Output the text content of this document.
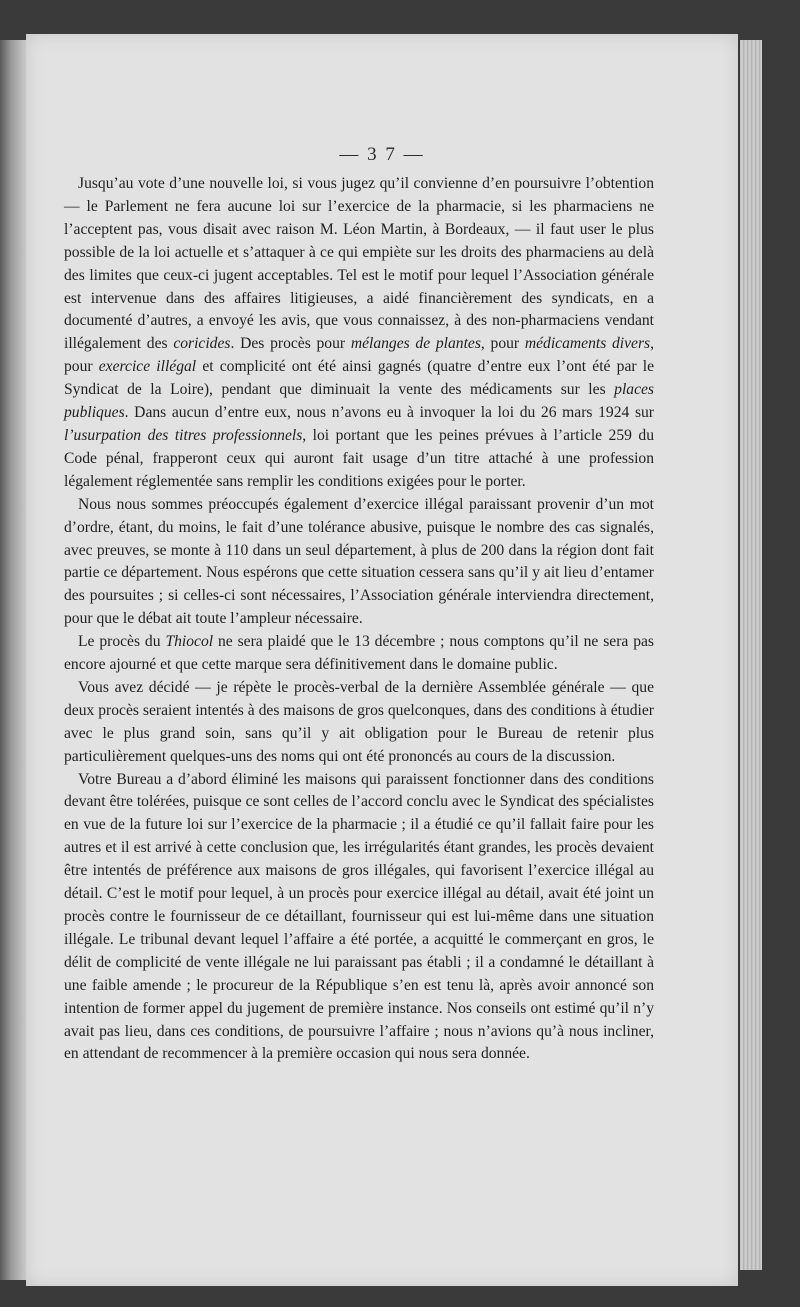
— 3 7 —

Jusqu’au vote d’une nouvelle loi, si vous jugez qu’il convienne d’en poursuivre l’obtention — le Parlement ne fera aucune loi sur l’exercice de la pharmacie, si les pharmaciens ne l’acceptent pas, vous disait avec raison M. Léon Martin, à Bordeaux, — il faut user le plus possible de la loi actuelle et s’attaquer à ce qui empiète sur les droits des pharmaciens au delà des limites que ceux-ci jugent acceptables. Tel est le motif pour lequel l’Association générale est intervenue dans des affaires litigieuses, a aidé financièrement des syndicats, en a documenté d’autres, a envoyé les avis, que vous connaissez, à des non-pharmaciens vendant illégalement des coricides. Des procès pour mélanges de plantes, pour médicaments divers, pour exercice illégal et complicité ont été ainsi gagnés (quatre d’entre eux l’ont été par le Syndicat de la Loire), pendant que diminuait la vente des médicaments sur les places publiques. Dans aucun d’entre eux, nous n’avons eu à invoquer la loi du 26 mars 1924 sur l’usurpation des titres professionnels, loi portant que les peines prévues à l’article 259 du Code pénal, frapperont ceux qui auront fait usage d’un titre attaché à une profession légalement réglementée sans remplir les conditions exigées pour le porter.

Nous nous sommes préoccupés également d’exercice illégal paraissant provenir d’un mot d’ordre, étant, du moins, le fait d’une tolérance abusive, puisque le nombre des cas signalés, avec preuves, se monte à 110 dans un seul département, à plus de 200 dans la région dont fait partie ce département. Nous espérons que cette situation cessera sans qu’il y ait lieu d’entamer des poursuites ; si celles-ci sont nécessaires, l’Association générale interviendra directement, pour que le débat ait toute l’ampleur nécessaire.

Le procès du Thiocol ne sera plaidé que le 13 décembre ; nous comptons qu’il ne sera pas encore ajourné et que cette marque sera définitivement dans le domaine public.

Vous avez décidé — je répète le procès-verbal de la dernière Assemblée générale — que deux procès seraient intentés à des maisons de gros quelconques, dans des conditions à étudier avec le plus grand soin, sans qu’il y ait obligation pour le Bureau de retenir plus particulièrement quelques-uns des noms qui ont été prononcés au cours de la discussion.

Votre Bureau a d’abord éliminé les maisons qui paraissent fonctionner dans des conditions devant être tolérées, puisque ce sont celles de l’accord conclu avec le Syndicat des spécialistes en vue de la future loi sur l’exercice de la pharmacie ; il a étudié ce qu’il fallait faire pour les autres et il est arrivé à cette conclusion que, les irrégularités étant grandes, les procès devaient être intentés de préférence aux maisons de gros illégales, qui favorisent l’exercice illégal au détail. C’est le motif pour lequel, à un procès pour exercice illégal au détail, avait été joint un procès contre le fournisseur de ce détaillant, fournisseur qui est lui-même dans une situation illégale. Le tribunal devant lequel l’affaire a été portée, a acquitté le commerçant en gros, le délit de complicité de vente illégale ne lui paraissant pas établi ; il a condamné le détaillant à une faible amende ; le procureur de la République s’en est tenu là, après avoir annoncé son intention de former appel du jugement de première instance. Nos conseils ont estimé qu’il n’y avait pas lieu, dans ces conditions, de poursuivre l’affaire ; nous n’avions qu’à nous incliner, en attendant de recommencer à la première occasion qui nous sera donnée.
